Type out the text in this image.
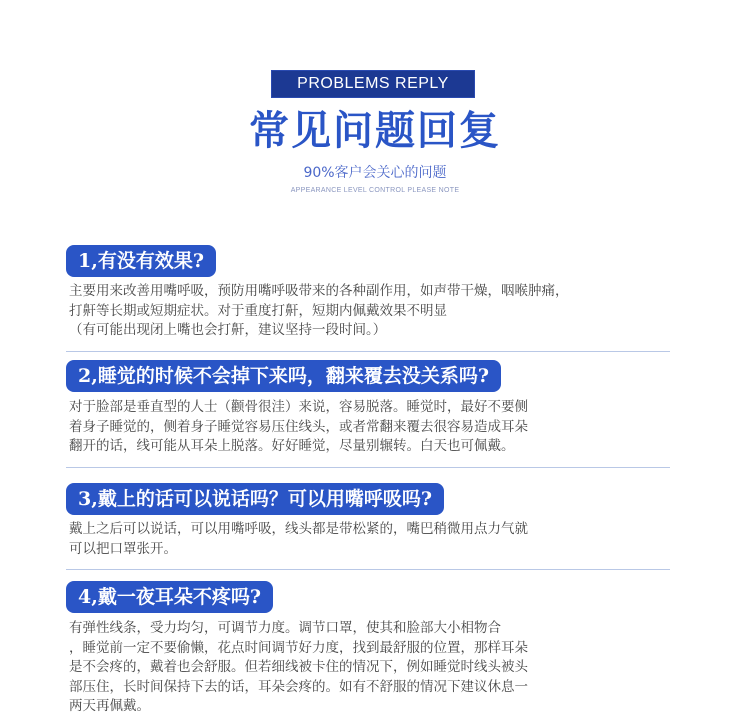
PROBLEMS REPLY
常见问题回复
90%客户会关心的问题
APPEARANCE LEVEL CONTROL PLEASE NOTE
1,有没有效果?

主要用来改善用嘴呼吸，预防用嘴呼吸带来的各种副作用，如声带干燥，咽喉肿痛，

打鼾等长期或短期症状。对于重度打鼾，短期内佩戴效果不明显

（有可能出现闭上嘴也会打鼾，建议坚持一段时间。）

2,睡觉的时候不会掉下来吗，翻来覆去没关系吗?

对于脸部是垂直型的人士（颧骨很洼）来说，容易脱落。睡觉时，最好不要侧

着身子睡觉的，侧着身子睡觉容易压住线头，或者常翻来覆去很容易造成耳朵

翻开的话，线可能从耳朵上脱落。好好睡觉，尽量别辗转。白天也可佩戴。

3,戴上的话可以说话吗？可以用嘴呼吸吗?

戴上之后可以说话，可以用嘴呼吸，线头都是带松紧的，嘴巴稍微用点力气就

可以把口罩张开。

4,戴一夜耳朵不疼吗?

有弹性线条，受力均匀，可调节力度。调节口罩，使其和脸部大小相物合

，睡觉前一定不要偷懒，花点时间调节好力度，找到最舒服的位置，那样耳朵

是不会疼的，戴着也会舒服。但若细线被卡住的情况下，例如睡觉时线头被头

部压住，长时间保持下去的话，耳朵会疼的。如有不舒服的情况下建议休息一

两天再佩戴。
